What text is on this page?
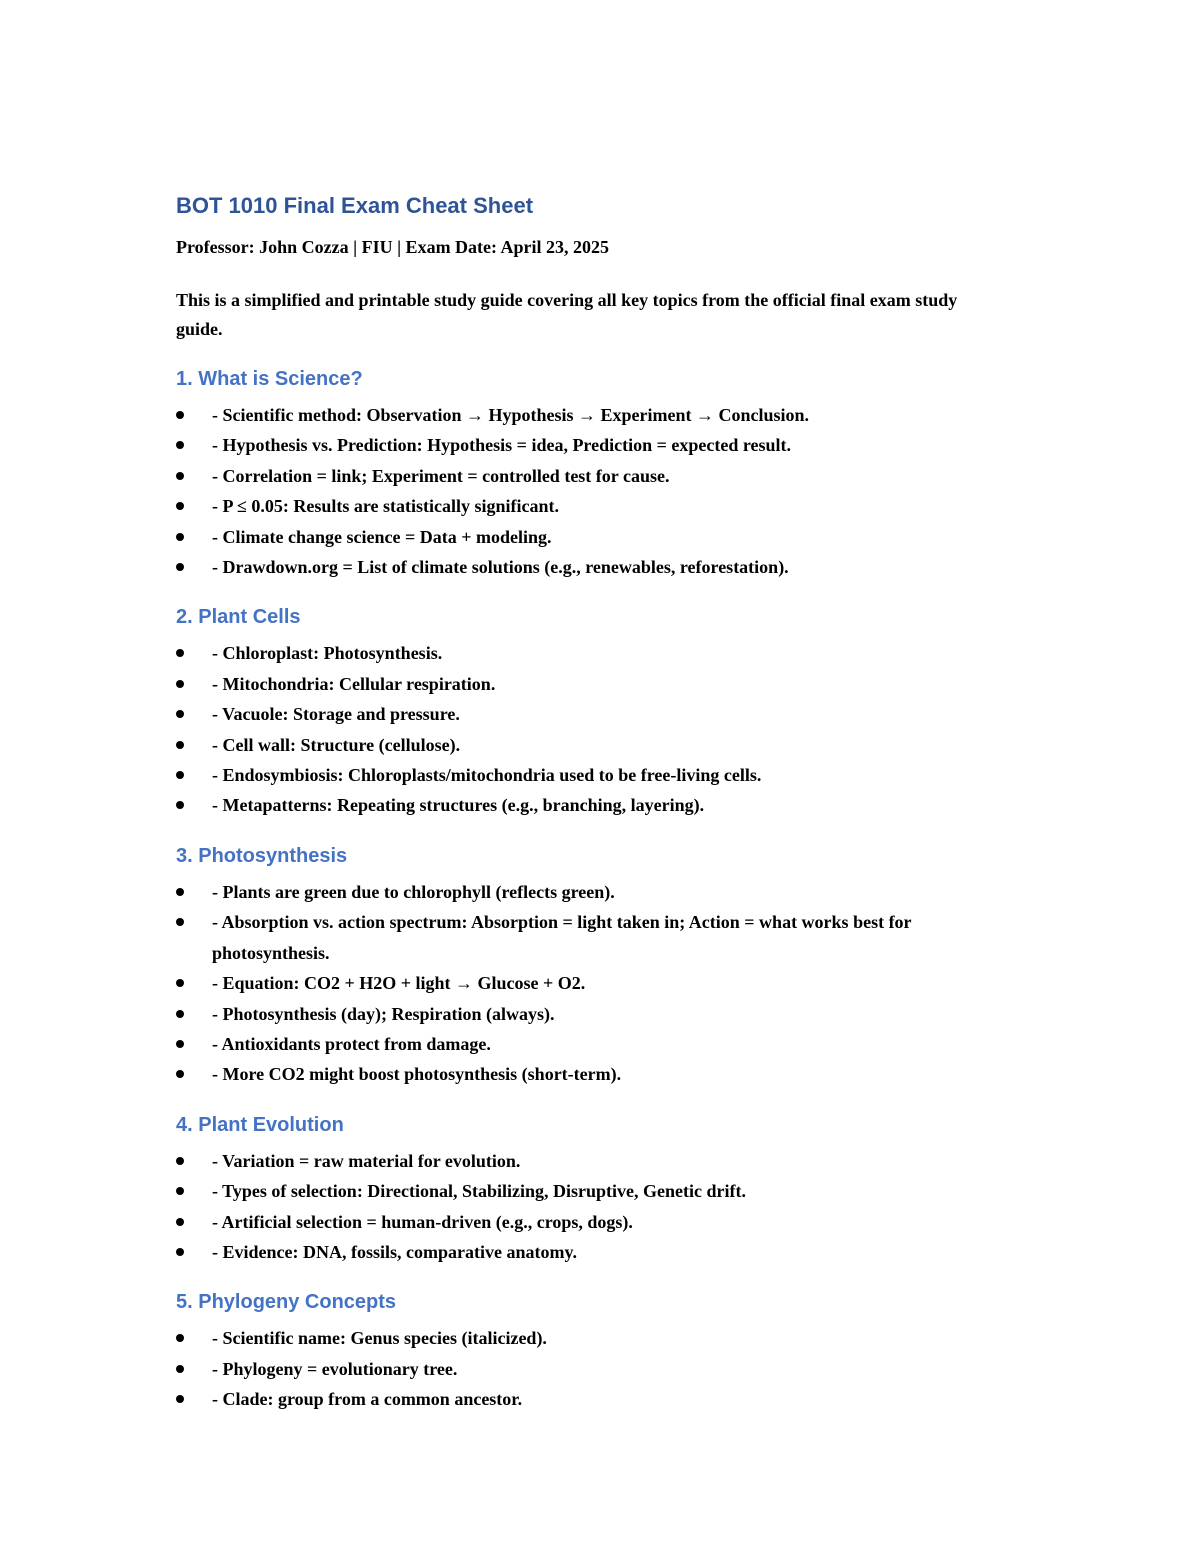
BOT 1010 Final Exam Cheat Sheet
Professor: John Cozza | FIU | Exam Date: April 23, 2025
This is a simplified and printable study guide covering all key topics from the official final exam study guide.
1. What is Science?
- Scientific method: Observation → Hypothesis → Experiment → Conclusion.
- Hypothesis vs. Prediction: Hypothesis = idea, Prediction = expected result.
- Correlation = link; Experiment = controlled test for cause.
- P ≤ 0.05: Results are statistically significant.
- Climate change science = Data + modeling.
- Drawdown.org = List of climate solutions (e.g., renewables, reforestation).
2. Plant Cells
- Chloroplast: Photosynthesis.
- Mitochondria: Cellular respiration.
- Vacuole: Storage and pressure.
- Cell wall: Structure (cellulose).
- Endosymbiosis: Chloroplasts/mitochondria used to be free-living cells.
- Metapatterns: Repeating structures (e.g., branching, layering).
3. Photosynthesis
- Plants are green due to chlorophyll (reflects green).
- Absorption vs. action spectrum: Absorption = light taken in; Action = what works best for photosynthesis.
- Equation: CO2 + H2O + light → Glucose + O2.
- Photosynthesis (day); Respiration (always).
- Antioxidants protect from damage.
- More CO2 might boost photosynthesis (short-term).
4. Plant Evolution
- Variation = raw material for evolution.
- Types of selection: Directional, Stabilizing, Disruptive, Genetic drift.
- Artificial selection = human-driven (e.g., crops, dogs).
- Evidence: DNA, fossils, comparative anatomy.
5. Phylogeny Concepts
- Scientific name: Genus species (italicized).
- Phylogeny = evolutionary tree.
- Clade: group from a common ancestor.
